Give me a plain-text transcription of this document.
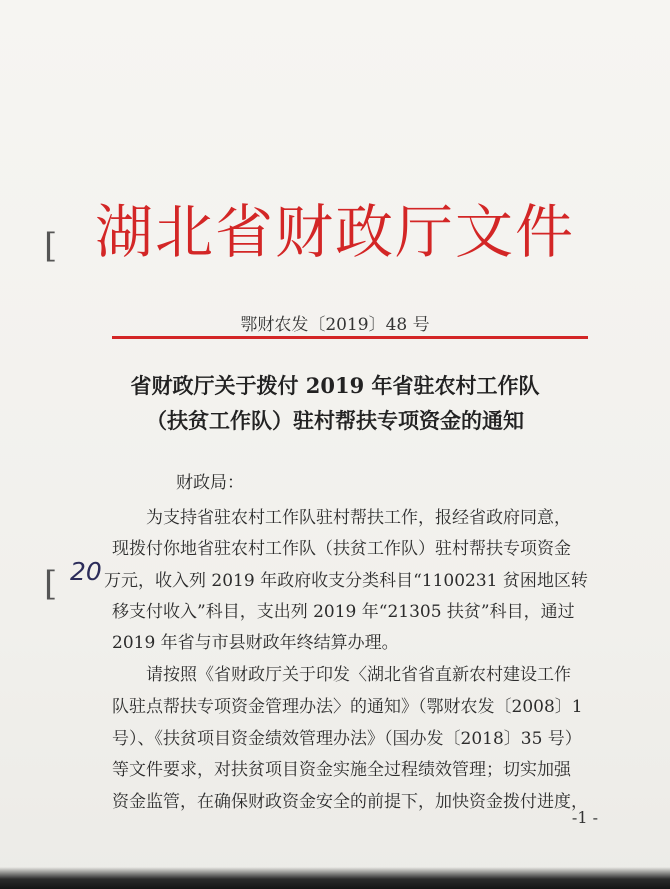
[
[
湖北省财政厅文件
鄂财农发〔2019〕48 号
省财政厅关于拨付 2019 年省驻农村工作队
（扶贫工作队）驻村帮扶专项资金的通知
财政局：
为支持省驻农村工作队驻村帮扶工作，报经省政府同意，
现拨付你地省驻农村工作队（扶贫工作队）驻村帮扶专项资金
20 万元，收入列 2019 年政府收支分类科目“1100231 贫困地区转
移支付收入”科目，支出列 2019 年“21305 扶贫”科目，通过
2019 年省与市县财政年终结算办理。
请按照《省财政厅关于印发〈湖北省省直新农村建设工作
队驻点帮扶专项资金管理办法〉的通知》（鄂财农发〔2008〕1
号）、《扶贫项目资金绩效管理办法》（国办发〔2018〕35 号）
等文件要求，对扶贫项目资金实施全过程绩效管理；切实加强
资金监管，在确保财政资金安全的前提下，加快资金拨付进度，
-1 -
